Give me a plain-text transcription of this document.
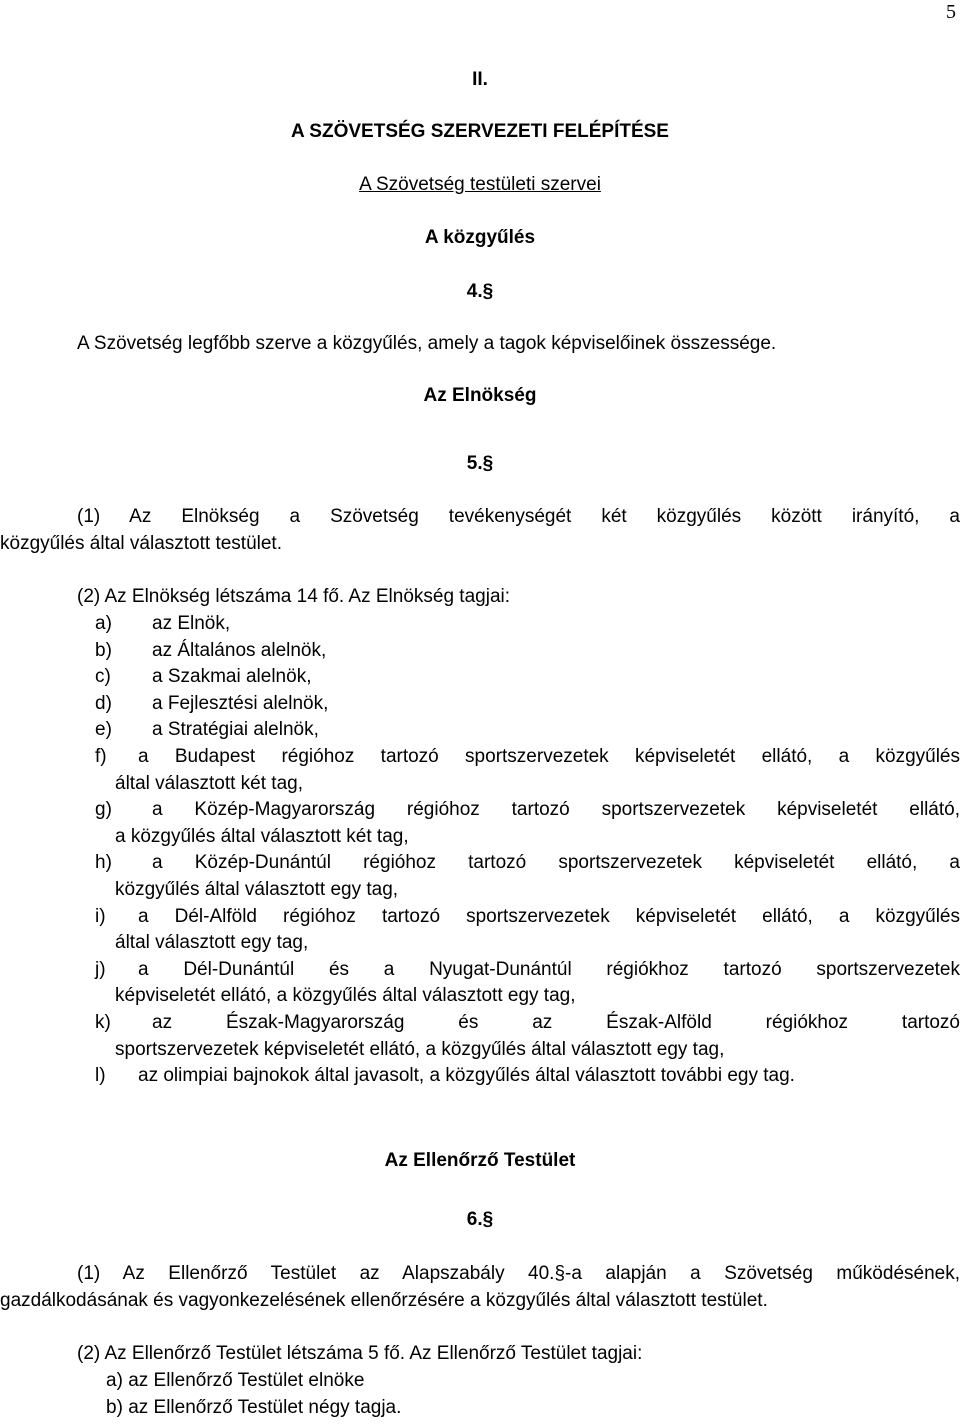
5
II.
A SZÖVETSÉG SZERVEZETI FELÉPÍTÉSE
A Szövetség testületi szervei
A közgyűlés
4.§
A Szövetség legfőbb szerve a közgyűlés, amely a tagok képviselőinek összessége.
Az Elnökség
5.§
(1) Az Elnökség a Szövetség tevékenységét két közgyűlés között irányító, a
közgyűlés által választott testület.
(2) Az Elnökség létszáma 14 fő. Az Elnökség tagjai:
a) az Elnök,
b) az Általános alelnök,
c) a Szakmai alelnök,
d) a Fejlesztési alelnök,
e) a Stratégiai alelnök,
f) a Budapest régióhoz tartozó sportszervezetek képviseletét ellátó, a közgyűlés
által választott két tag,
g) a Közép-Magyarország régióhoz tartozó sportszervezetek képviseletét ellátó,
a közgyűlés által választott két tag,
h) a Közép-Dunántúl régióhoz tartozó sportszervezetek képviseletét ellátó, a
közgyűlés által választott egy tag,
i) a Dél-Alföld régióhoz tartozó sportszervezetek képviseletét ellátó, a közgyűlés
által választott egy tag,
j) a Dél-Dunántúl és a Nyugat-Dunántúl régiókhoz tartozó sportszervezetek
képviseletét ellátó, a közgyűlés által választott egy tag,
k) az Észak-Magyarország és az Észak-Alföld régiókhoz tartozó
sportszervezetek képviseletét ellátó, a közgyűlés által választott egy tag,
l) az olimpiai bajnokok által javasolt, a közgyűlés által választott további egy tag.
Az Ellenőrző Testület
6.§
(1) Az Ellenőrző Testület az Alapszabály 40.§-a alapján a Szövetség működésének,
gazdálkodásának és vagyonkezelésének ellenőrzésére a közgyűlés által választott testület.
(2) Az Ellenőrző Testület létszáma 5 fő. Az Ellenőrző Testület tagjai:
a) az Ellenőrző Testület elnöke
b) az Ellenőrző Testület négy tagja.
